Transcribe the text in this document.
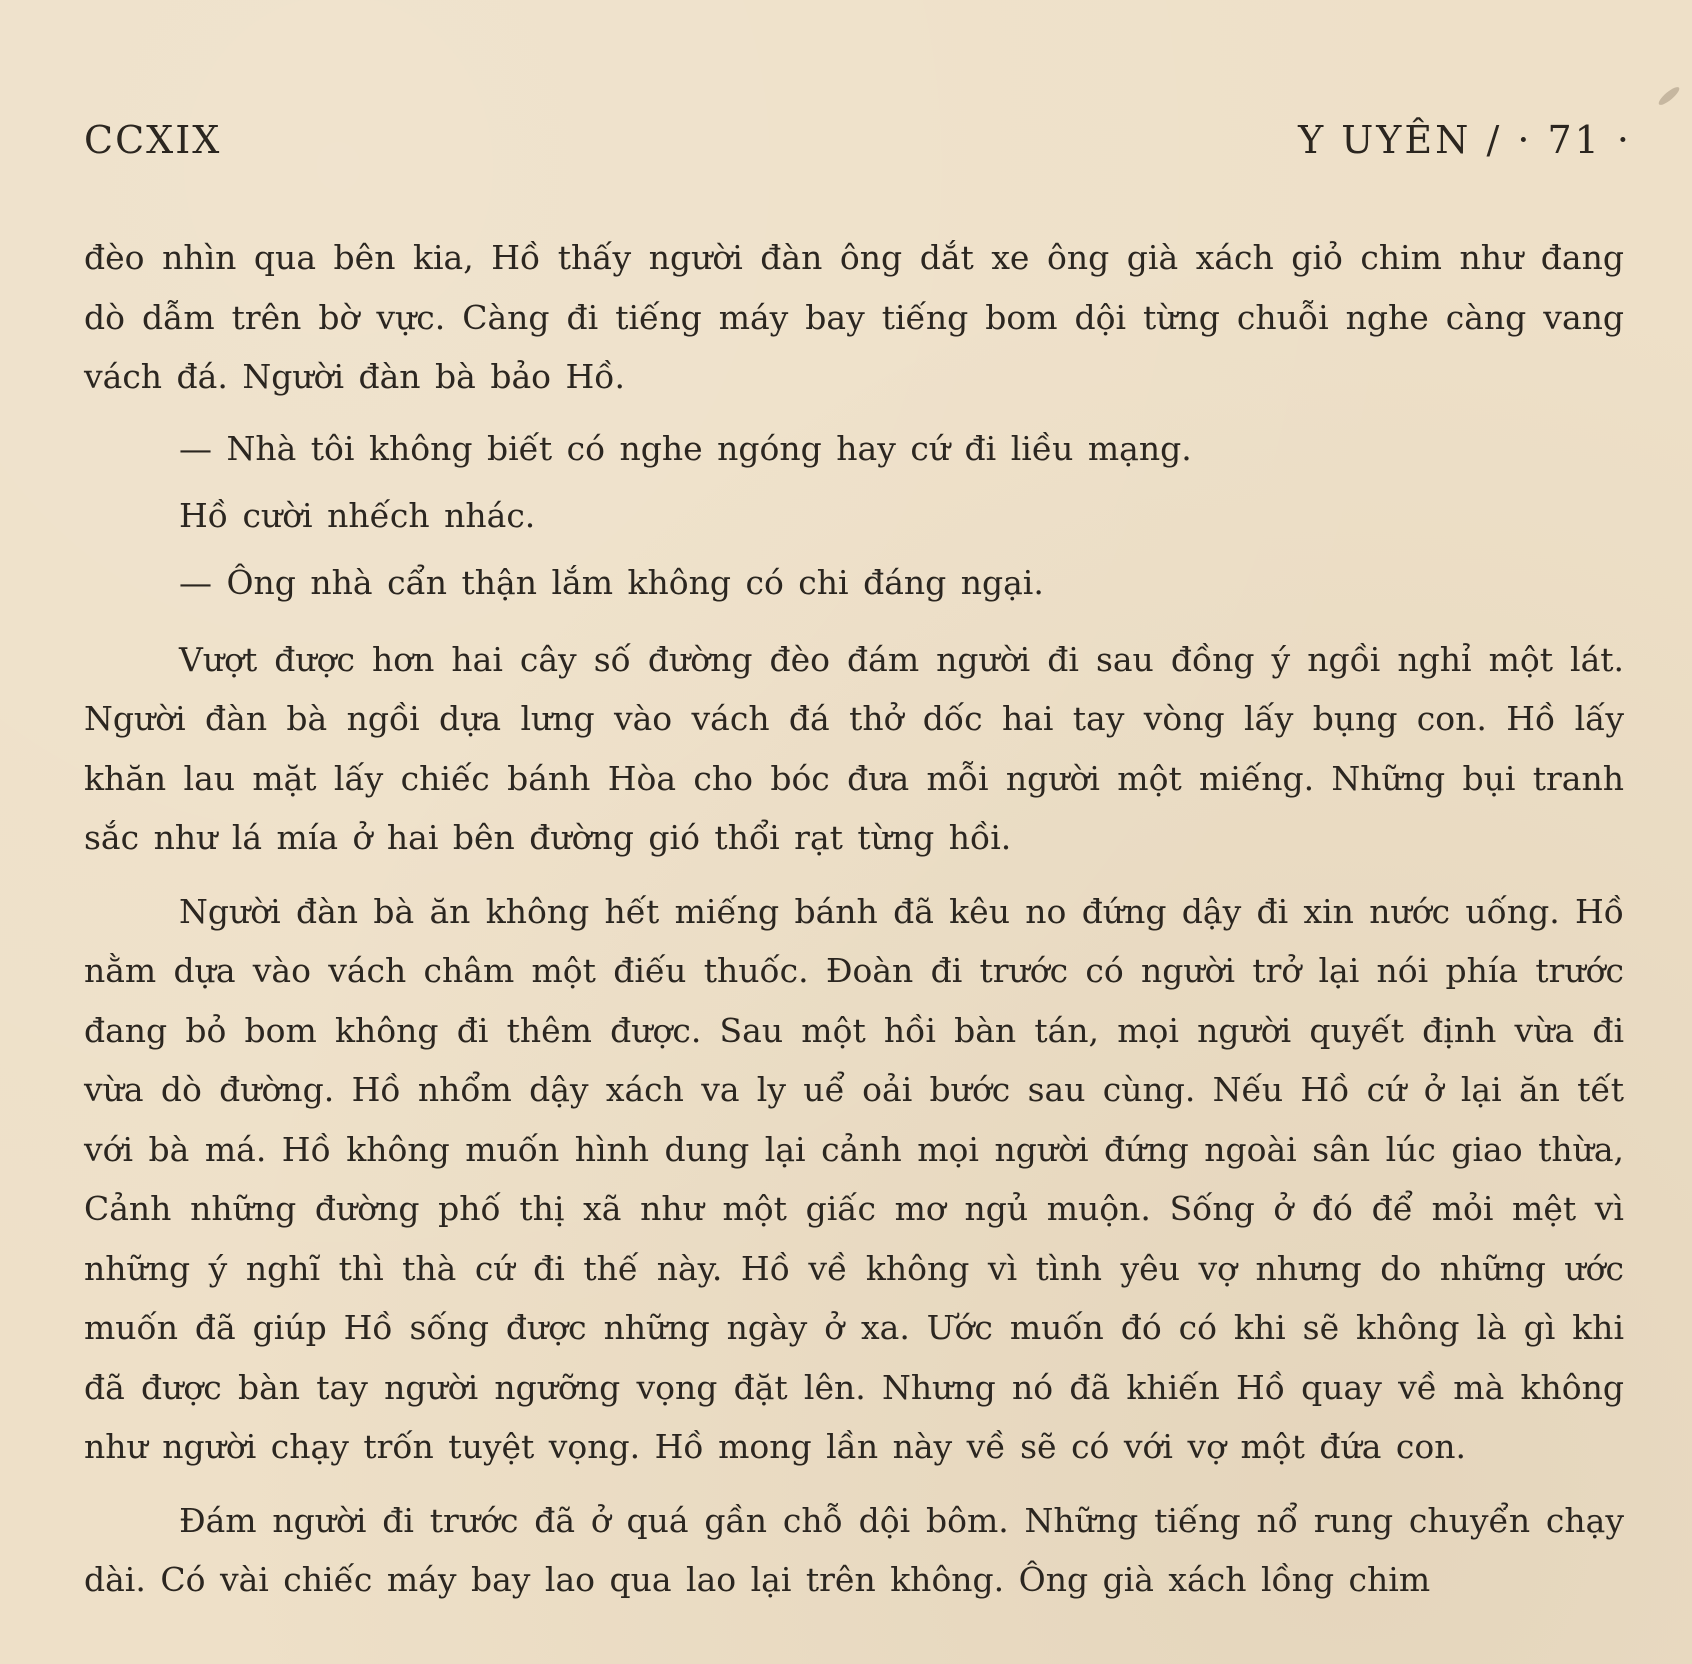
CCXIX	Y UYÊN / · 71 ·

đèo nhìn qua bên kia, Hồ thấy người đàn ông dắt xe ông già xách giỏ chim như đang dò dẫm trên bờ vực. Càng đi tiếng máy bay tiếng bom dội từng chuỗi nghe càng vang vách đá. Người đàn bà bảo Hồ.

— Nhà tôi không biết có nghe ngóng hay cứ đi liều mạng.

Hồ cười nhếch nhác.

— Ông nhà cẩn thận lắm không có chi đáng ngại.

Vượt được hơn hai cây số đường đèo đám người đi sau đồng ý ngồi nghỉ một lát. Người đàn bà ngồi dựa lưng vào vách đá thở dốc hai tay vòng lấy bụng con. Hồ lấy khăn lau mặt lấy chiếc bánh Hòa cho bóc đưa mỗi người một miếng. Những bụi tranh sắc như lá mía ở hai bên đường gió thổi rạt từng hồi.

Người đàn bà ăn không hết miếng bánh đã kêu no đứng dậy đi xin nước uống. Hồ nằm dựa vào vách châm một điếu thuốc. Đoàn đi trước có người trở lại nói phía trước đang bỏ bom không đi thêm được. Sau một hồi bàn tán, mọi người quyết định vừa đi vừa dò đường. Hồ nhổm dậy xách va ly uể oải bước sau cùng. Nếu Hồ cứ ở lại ăn tết với bà má. Hồ không muốn hình dung lại cảnh mọi người đứng ngoài sân lúc giao thừa, Cảnh những đường phố thị xã như một giấc mơ ngủ muộn. Sống ở đó để mỏi mệt vì những ý nghĩ thì thà cứ đi thế này. Hồ về không vì tình yêu vợ nhưng do những ước muốn đã giúp Hồ sống được những ngày ở xa. Ước muốn đó có khi sẽ không là gì khi đã được bàn tay người ngưỡng vọng đặt lên. Nhưng nó đã khiến Hồ quay về mà không như người chạy trốn tuyệt vọng. Hồ mong lần này về sẽ có với vợ một đứa con.

Đám người đi trước đã ở quá gần chỗ dội bôm. Những tiếng nổ rung chuyển chạy dài. Có vài chiếc máy bay lao qua lao lại trên không. Ông già xách lồng chim
